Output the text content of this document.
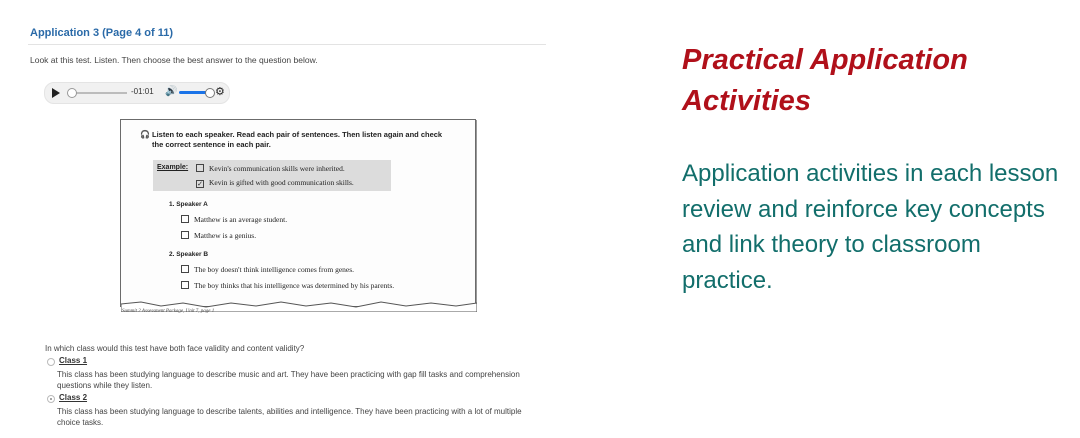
Application 3 (Page 4 of 11)
Look at this test. Listen. Then choose the best answer to the question below.
-01:01 🔊	⚙
🎧 Listen to each speaker. Read each pair of sentences. Then listen again and check the correct sentence in each pair.
Example:	Kevin's communication skills were inherited.
✓ Kevin is gifted with good communication skills.
1. Speaker A
Matthew is an average student.
Matthew is a genius.
2. Speaker B
The boy doesn't think intelligence comes from genes.
The boy thinks that his intelligence was determined by his parents.
Summit 2 Assessment Package, Unit 7, page 1
In which class would this test have both face validity and content validity?
Class 1
This class has been studying language to describe music and art. They have been practicing with gap fill tasks and comprehension questions while they listen.
Class 2
This class has been studying language to describe talents, abilities and intelligence. They have been practicing with a lot of multiple choice tasks.
Practical Application Activities
Application activities in each lesson review and reinforce key concepts and link theory to classroom practice.
